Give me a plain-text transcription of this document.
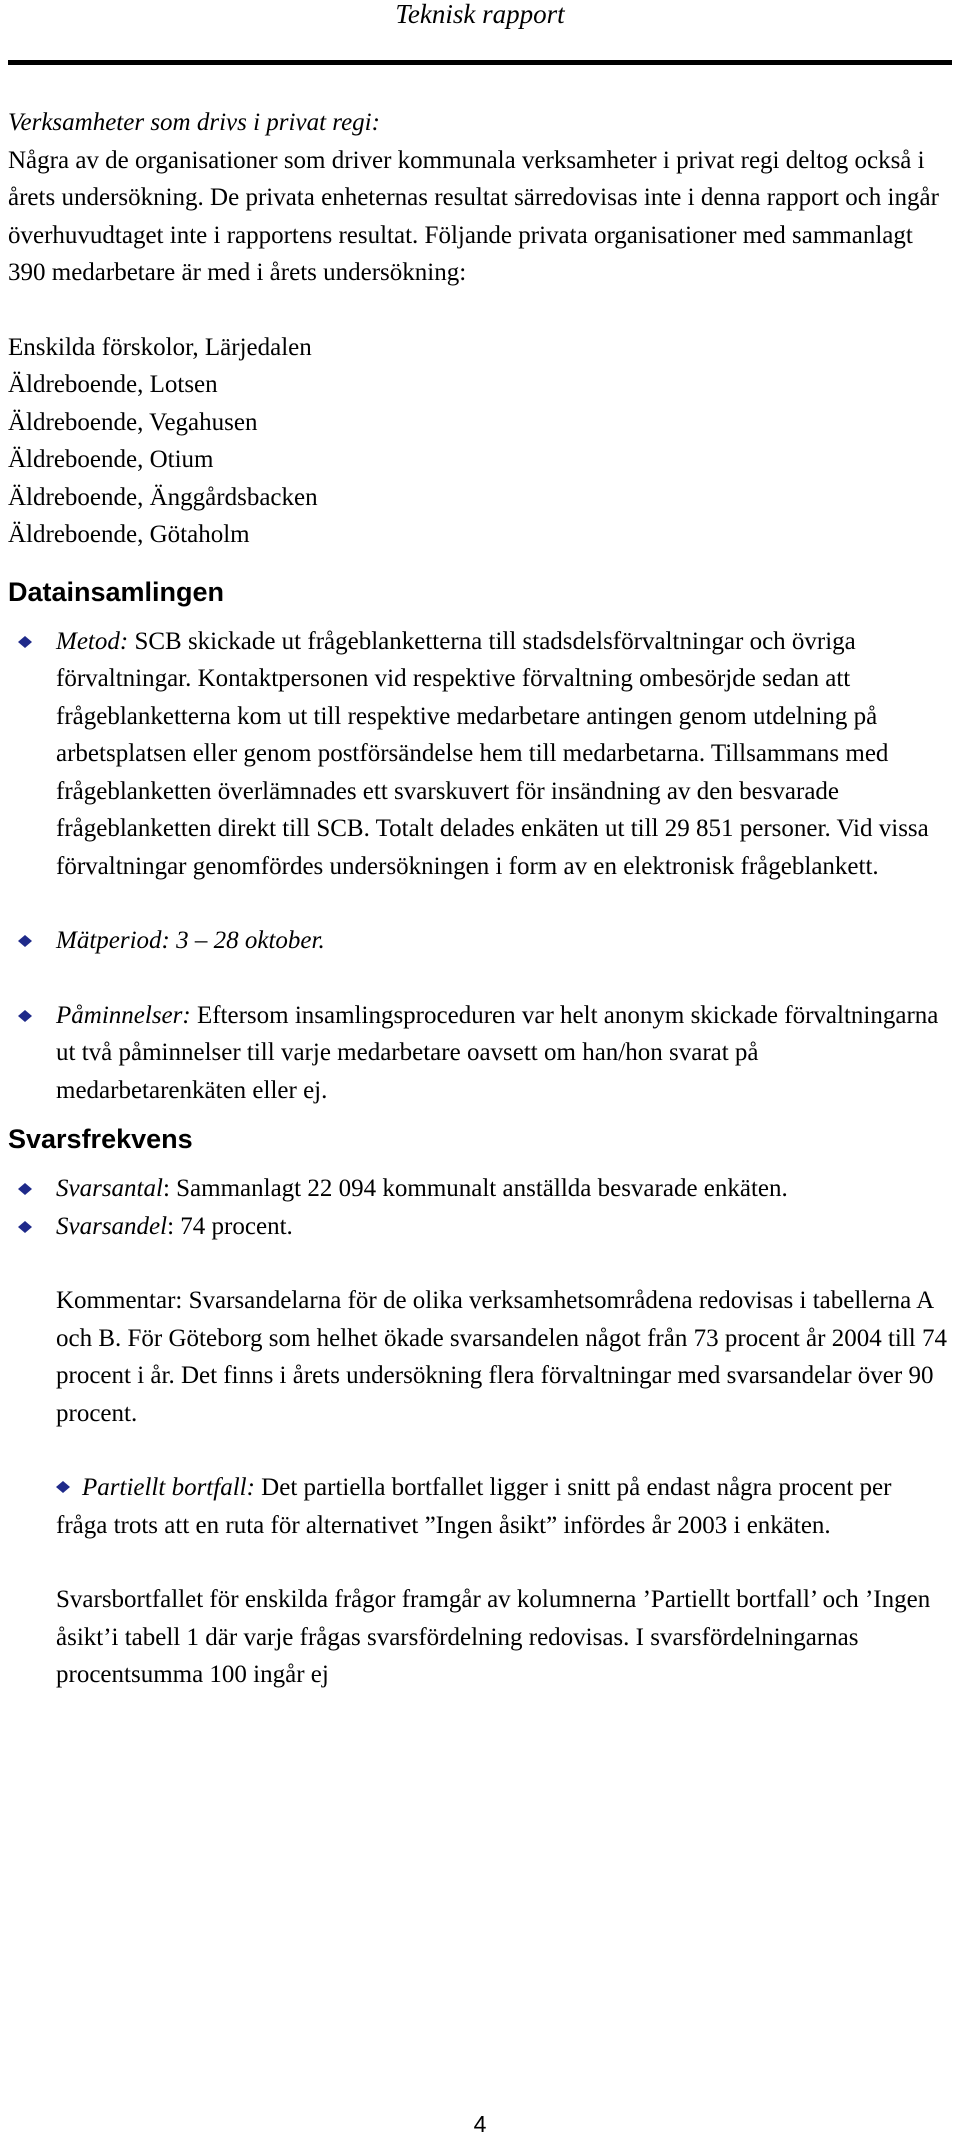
Teknisk rapport

Verksamheter som drivs i privat regi:

Några av de organisationer som driver kommunala verksamheter i privat regi deltog också i årets undersökning. De privata enheternas resultat särredovisas inte i denna rapport och ingår överhuvudtaget inte i rapportens resultat. Följande privata organisationer med sammanlagt 390 medarbetare är med i årets undersökning:

Enskilda förskolor, Lärjedalen

Äldreboende, Lotsen

Äldreboende, Vegahusen

Äldreboende, Otium

Äldreboende, Änggårdsbacken

Äldreboende, Götaholm

Datainsamlingen

Metod: SCB skickade ut frågeblanketterna till stadsdelsförvaltningar och övriga förvaltningar. Kontaktpersonen vid respektive förvaltning ombesörjde sedan att frågeblanketterna kom ut till respektive medarbetare antingen genom utdelning på arbetsplatsen eller genom postförsändelse hem till medarbetarna. Tillsammans med frågeblanketten överlämnades ett svarskuvert för insändning av den besvarade frågeblanketten direkt till SCB. Totalt delades enkäten ut till 29 851 personer. Vid vissa förvaltningar genomfördes undersökningen i form av en elektronisk frågeblankett.

Mätperiod: 3 – 28 oktober.

Påminnelser: Eftersom insamlingsproceduren var helt anonym skickade förvaltningarna ut två påminnelser till varje medarbetare oavsett om han/hon svarat på medarbetarenkäten eller ej.

Svarsfrekvens

Svarsantal: Sammanlagt 22 094 kommunalt anställda besvarade enkäten.

Svarsandel: 74 procent.

Kommentar: Svarsandelarna för de olika verksamhetsområdena redovisas i tabellerna A och B. För Göteborg som helhet ökade svarsandelen något från 73 procent år 2004 till 74 procent i år. Det finns i årets undersökning flera förvaltningar med svarsandelar över 90 procent.

Partiellt bortfall: Det partiella bortfallet ligger i snitt på endast några procent per fråga trots att en ruta för alternativet ”Ingen åsikt” infördes år 2003 i enkäten.

Svarsbortfallet för enskilda frågor framgår av kolumnerna ’Partiellt bortfall’ och ’Ingen åsikt’i tabell 1 där varje frågas svarsfördelning redovisas. I svarsfördelningarnas procentsumma 100 ingår ej

4
